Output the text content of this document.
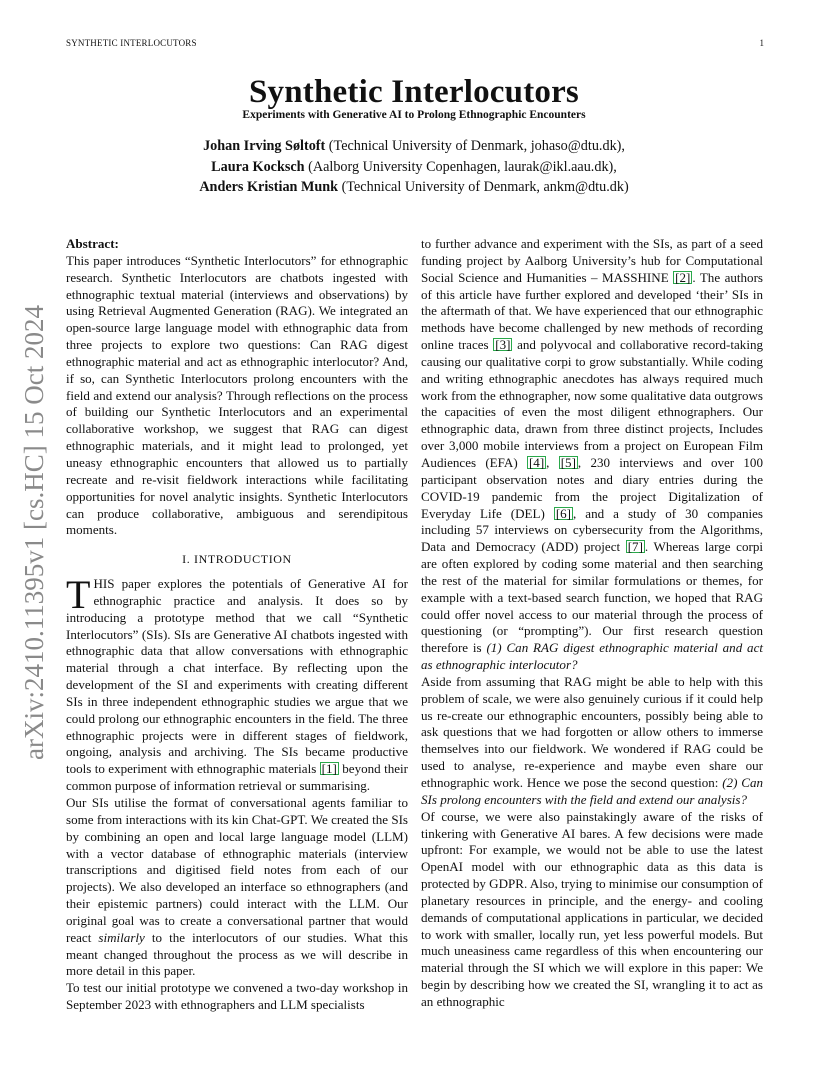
SYNTHETIC INTERLOCUTORS	1
arXiv:2410.11395v1 [cs.HC] 15 Oct 2024
Synthetic Interlocutors
Experiments with Generative AI to Prolong Ethnographic Encounters
Johan Irving Søltoft (Technical University of Denmark, johaso@dtu.dk),
Laura Kocksch (Aalborg University Copenhagen, laurak@ikl.aau.dk),
Anders Kristian Munk (Technical University of Denmark, ankm@dtu.dk)

Abstract:

This paper introduces “Synthetic Interlocutors” for ethnographic research. Synthetic Interlocutors are chatbots ingested with ethnographic textual material (interviews and observations) by using Retrieval Augmented Generation (RAG). We integrated an open-source large language model with ethnographic data from three projects to explore two questions: Can RAG digest ethnographic material and act as ethnographic interlocutor? And, if so, can Synthetic Interlocutors prolong encounters with the field and extend our analysis? Through reflections on the process of building our Synthetic Interlocutors and an experimental collaborative workshop, we suggest that RAG can digest ethnographic materials, and it might lead to prolonged, yet uneasy ethnographic encounters that allowed us to partially recreate and re-visit fieldwork interactions while facilitating opportunities for novel analytic insights. Synthetic Interlocutors can produce collaborative, ambiguous and serendipitous moments.

I. INTRODUCTION

THIS paper explores the potentials of Generative AI for ethnographic practice and analysis. It does so by introducing a prototype method that we call “Synthetic Interlocutors” (SIs). SIs are Generative AI chatbots ingested with ethnographic data that allow conversations with ethnographic material through a chat interface. By reflecting upon the development of the SI and experiments with creating different SIs in three independent ethnographic studies we argue that we could prolong our ethnographic encounters in the field. The three ethnographic projects were in different stages of fieldwork, ongoing, analysis and archiving. The SIs became productive tools to experiment with ethnographic materials [1] beyond their common purpose of information retrieval or summarising.

Our SIs utilise the format of conversational agents familiar to some from interactions with its kin Chat-GPT. We created the SIs by combining an open and local large language model (LLM) with a vector database of ethnographic materials (interview transcriptions and digitised field notes from each of our projects). We also developed an interface so ethnographers (and their epistemic partners) could interact with the LLM. Our original goal was to create a conversational partner that would react similarly to the interlocutors of our studies. What this meant changed throughout the process as we will describe in more detail in this paper.

To test our initial prototype we convened a two-day workshop in September 2023 with ethnographers and LLM specialists

to further advance and experiment with the SIs, as part of a seed funding project by Aalborg University’s hub for Computational Social Science and Humanities – MASSHINE [2] . The authors of this article have further explored and developed ‘their’ SIs in the aftermath of that. We have experienced that our ethnographic methods have become challenged by new methods of recording online traces [3] and polyvocal and collaborative record-taking causing our qualitative corpi to grow substantially. While coding and writing ethnographic anecdotes has always required much work from the ethnographer, now some qualitative data outgrows the capacities of even the most diligent ethnographers. Our ethnographic data, drawn from three distinct projects, Includes over 3,000 mobile interviews from a project on European Film Audiences (EFA) [4] , [5] , 230 interviews and over 100 participant observation notes and diary entries during the COVID-19 pandemic from the project Digitalization of Everyday Life (DEL) [6] , and a study of 30 companies including 57 interviews on cybersecurity from the Algorithms, Data and Democracy (ADD) project [7] . Whereas large corpi are often explored by coding some material and then searching the rest of the material for similar formulations or themes, for example with a text-based search function, we hoped that RAG could offer novel access to our material through the process of questioning (or “prompting”). Our first research question therefore is (1) Can RAG digest ethnographic material and act as ethnographic interlocutor?

Aside from assuming that RAG might be able to help with this problem of scale, we were also genuinely curious if it could help us re-create our ethnographic encounters, possibly being able to ask questions that we had forgotten or allow others to immerse themselves into our fieldwork. We wondered if RAG could be used to analyse, re-experience and maybe even share our ethnographic work. Hence we pose the second question: (2) Can SIs prolong encounters with the field and extend our analysis?

Of course, we were also painstakingly aware of the risks of tinkering with Generative AI bares. A few decisions were made upfront: For example, we would not be able to use the latest OpenAI model with our ethnographic data as this data is protected by GDPR. Also, trying to minimise our consumption of planetary resources in principle, and the energy- and cooling demands of computational applications in particular, we decided to work with smaller, locally run, yet less powerful models. But much uneasiness came regardless of this when encountering our material through the SI which we will explore in this paper: We begin by describing how we created the SI, wrangling it to act as an ethnographic
